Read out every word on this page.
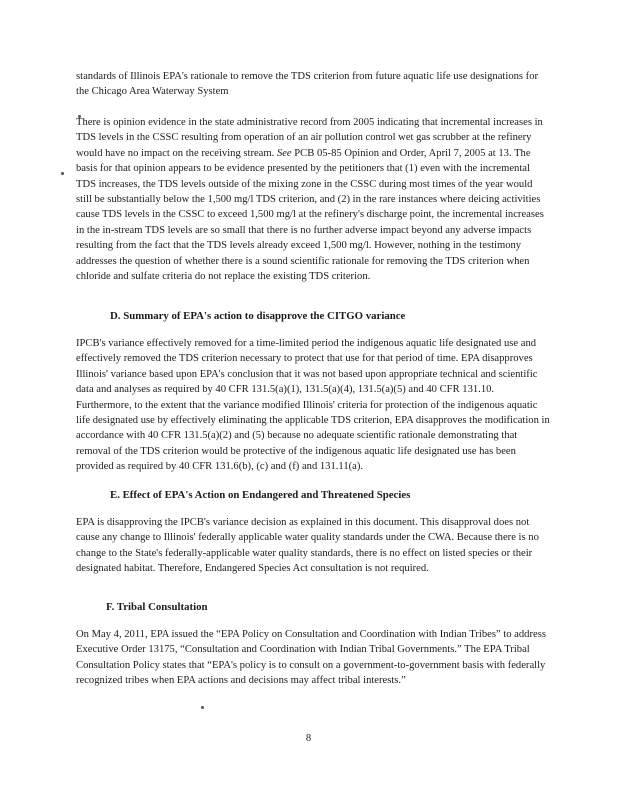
standards of Illinois EPA's rationale to remove the TDS criterion from future aquatic life use designations for the Chicago Area Waterway System
There is opinion evidence in the state administrative record from 2005 indicating that incremental increases in TDS levels in the CSSC resulting from operation of an air pollution control wet gas scrubber at the refinery would have no impact on the receiving stream. See PCB 05-85 Opinion and Order, April 7, 2005 at 13. The basis for that opinion appears to be evidence presented by the petitioners that (1) even with the incremental TDS increases, the TDS levels outside of the mixing zone in the CSSC during most times of the year would still be substantially below the 1,500 mg/l TDS criterion, and (2) in the rare instances where deicing activities cause TDS levels in the CSSC to exceed 1,500 mg/l at the refinery's discharge point, the incremental increases in the in-stream TDS levels are so small that there is no further adverse impact beyond any adverse impacts resulting from the fact that the TDS levels already exceed 1,500 mg/l. However, nothing in the testimony addresses the question of whether there is a sound scientific rationale for removing the TDS criterion when chloride and sulfate criteria do not replace the existing TDS criterion.
D. Summary of EPA's action to disapprove the CITGO variance
IPCB's variance effectively removed for a time-limited period the indigenous aquatic life designated use and effectively removed the TDS criterion necessary to protect that use for that period of time. EPA disapproves Illinois' variance based upon EPA's conclusion that it was not based upon appropriate technical and scientific data and analyses as required by 40 CFR 131.5(a)(1), 131.5(a)(4), 131.5(a)(5) and 40 CFR 131.10. Furthermore, to the extent that the variance modified Illinois' criteria for protection of the indigenous aquatic life designated use by effectively eliminating the applicable TDS criterion, EPA disapproves the modification in accordance with 40 CFR 131.5(a)(2) and (5) because no adequate scientific rationale demonstrating that removal of the TDS criterion would be protective of the indigenous aquatic life designated use has been provided as required by 40 CFR 131.6(b), (c) and (f) and 131.11(a).
E. Effect of EPA's Action on Endangered and Threatened Species
EPA is disapproving the IPCB's variance decision as explained in this document. This disapproval does not cause any change to Illinois' federally applicable water quality standards under the CWA. Because there is no change to the State's federally-applicable water quality standards, there is no effect on listed species or their designated habitat. Therefore, Endangered Species Act consultation is not required.
F. Tribal Consultation
On May 4, 2011, EPA issued the “EPA Policy on Consultation and Coordination with Indian Tribes” to address Executive Order 13175, “Consultation and Coordination with Indian Tribal Governments.” The EPA Tribal Consultation Policy states that “EPA's policy is to consult on a government-to-government basis with federally recognized tribes when EPA actions and decisions may affect tribal interests.”
8
